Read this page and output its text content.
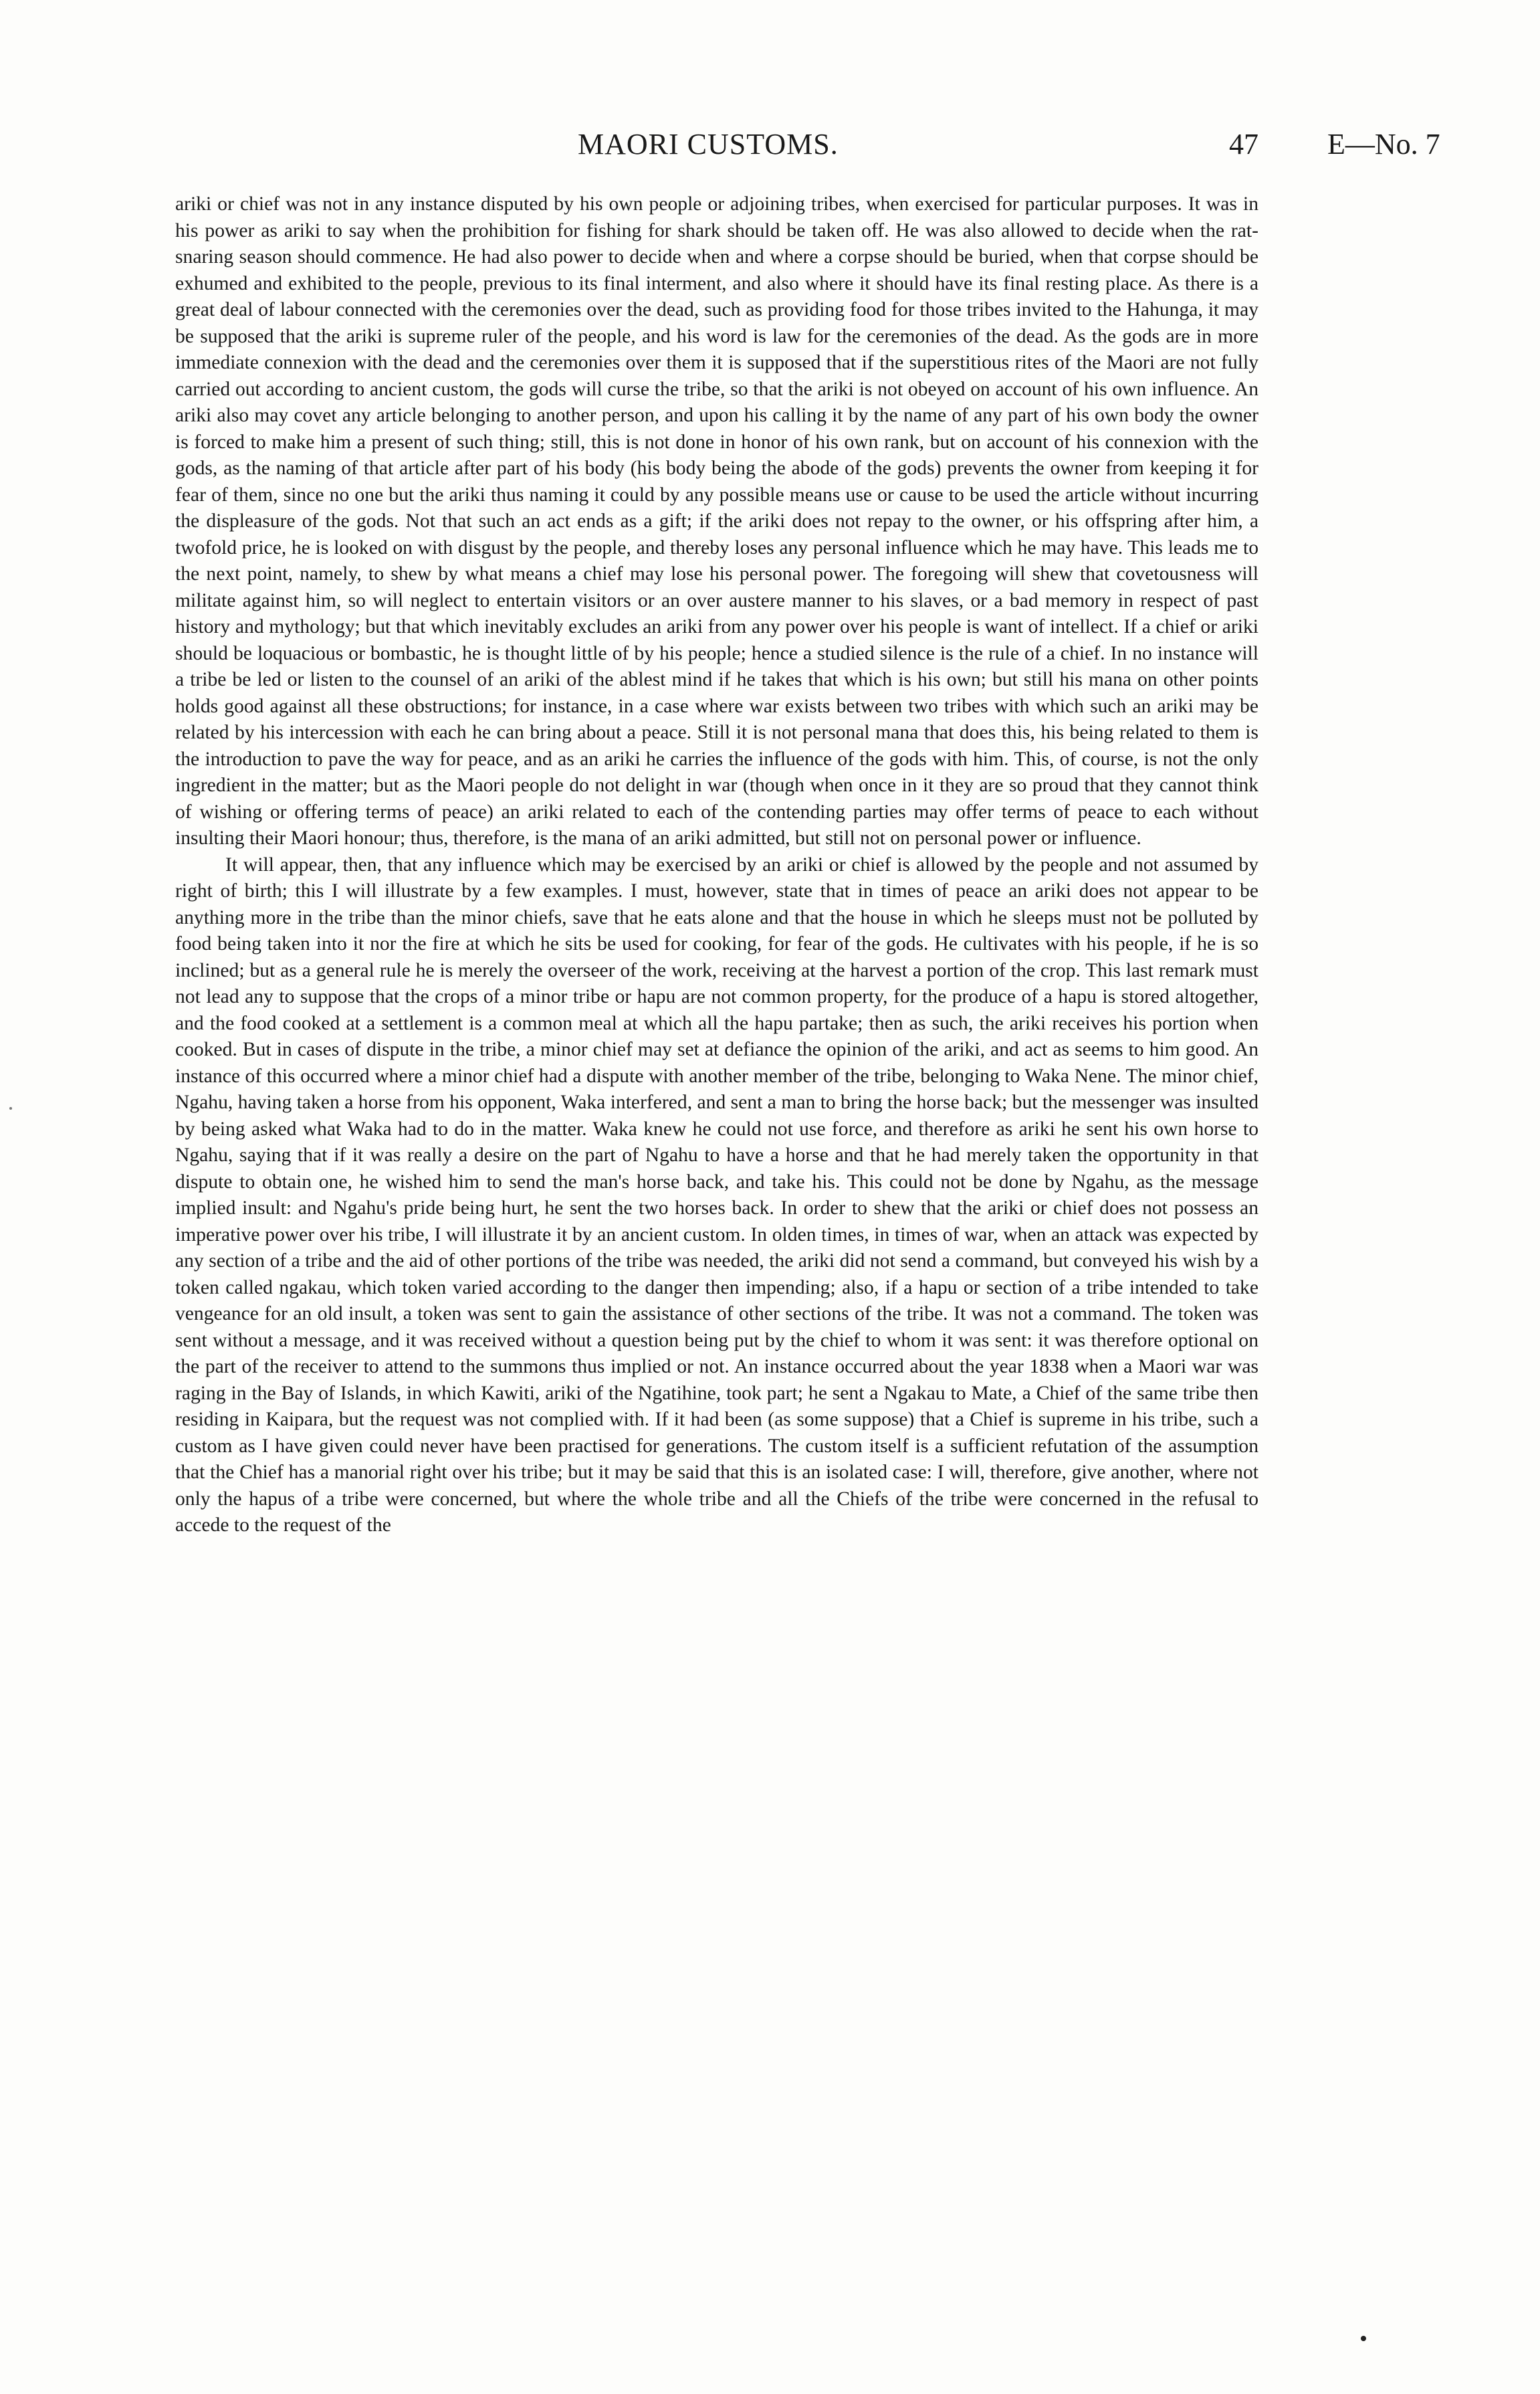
MAORI CUSTOMS.	47 E—No. 7

ariki or chief was not in any instance disputed by his own people or adjoining tribes, when exercised for particular purposes. It was in his power as ariki to say when the prohibition for fishing for shark should be taken off. He was also allowed to decide when the rat-snaring season should commence. He had also power to decide when and where a corpse should be buried, when that corpse should be exhumed and exhibited to the people, previous to its final interment, and also where it should have its final resting place. As there is a great deal of labour connected with the ceremonies over the dead, such as providing food for those tribes invited to the Hahunga, it may be supposed that the ariki is supreme ruler of the people, and his word is law for the ceremonies of the dead. As the gods are in more immediate connexion with the dead and the ceremonies over them it is supposed that if the superstitious rites of the Maori are not fully carried out according to ancient custom, the gods will curse the tribe, so that the ariki is not obeyed on account of his own influence. An ariki also may covet any article belonging to another person, and upon his calling it by the name of any part of his own body the owner is forced to make him a present of such thing; still, this is not done in honor of his own rank, but on account of his connexion with the gods, as the naming of that article after part of his body (his body being the abode of the gods) prevents the owner from keeping it for fear of them, since no one but the ariki thus naming it could by any possible means use or cause to be used the article without incurring the displeasure of the gods. Not that such an act ends as a gift; if the ariki does not repay to the owner, or his offspring after him, a twofold price, he is looked on with disgust by the people, and thereby loses any personal influence which he may have. This leads me to the next point, namely, to shew by what means a chief may lose his personal power. The foregoing will shew that covetousness will militate against him, so will neglect to entertain visitors or an over austere manner to his slaves, or a bad memory in respect of past history and mythology; but that which inevitably excludes an ariki from any power over his people is want of intellect. If a chief or ariki should be loquacious or bombastic, he is thought little of by his people; hence a studied silence is the rule of a chief. In no instance will a tribe be led or listen to the counsel of an ariki of the ablest mind if he takes that which is his own; but still his mana on other points holds good against all these obstructions; for instance, in a case where war exists between two tribes with which such an ariki may be related by his intercession with each he can bring about a peace. Still it is not personal mana that does this, his being related to them is the introduction to pave the way for peace, and as an ariki he carries the influence of the gods with him. This, of course, is not the only ingredient in the matter; but as the Maori people do not delight in war (though when once in it they are so proud that they cannot think of wishing or offering terms of peace) an ariki related to each of the contending parties may offer terms of peace to each without insulting their Maori honour; thus, therefore, is the mana of an ariki admitted, but still not on personal power or influence.

It will appear, then, that any influence which may be exercised by an ariki or chief is allowed by the people and not assumed by right of birth; this I will illustrate by a few examples. I must, however, state that in times of peace an ariki does not appear to be anything more in the tribe than the minor chiefs, save that he eats alone and that the house in which he sleeps must not be polluted by food being taken into it nor the fire at which he sits be used for cooking, for fear of the gods. He cultivates with his people, if he is so inclined; but as a general rule he is merely the overseer of the work, receiving at the harvest a portion of the crop. This last remark must not lead any to suppose that the crops of a minor tribe or hapu are not common property, for the produce of a hapu is stored altogether, and the food cooked at a settlement is a common meal at which all the hapu partake; then as such, the ariki receives his portion when cooked. But in cases of dispute in the tribe, a minor chief may set at defiance the opinion of the ariki, and act as seems to him good. An instance of this occurred where a minor chief had a dispute with another member of the tribe, belonging to Waka Nene. The minor chief, Ngahu, having taken a horse from his opponent, Waka interfered, and sent a man to bring the horse back; but the messenger was insulted by being asked what Waka had to do in the matter. Waka knew he could not use force, and therefore as ariki he sent his own horse to Ngahu, saying that if it was really a desire on the part of Ngahu to have a horse and that he had merely taken the opportunity in that dispute to obtain one, he wished him to send the man's horse back, and take his. This could not be done by Ngahu, as the message implied insult: and Ngahu's pride being hurt, he sent the two horses back. In order to shew that the ariki or chief does not possess an imperative power over his tribe, I will illustrate it by an ancient custom. In olden times, in times of war, when an attack was expected by any section of a tribe and the aid of other portions of the tribe was needed, the ariki did not send a command, but conveyed his wish by a token called ngakau, which token varied according to the danger then impending; also, if a hapu or section of a tribe intended to take vengeance for an old insult, a token was sent to gain the assistance of other sections of the tribe. It was not a command. The token was sent without a message, and it was received without a question being put by the chief to whom it was sent: it was therefore optional on the part of the receiver to attend to the summons thus implied or not. An instance occurred about the year 1838 when a Maori war was raging in the Bay of Islands, in which Kawiti, ariki of the Ngatihine, took part; he sent a Ngakau to Mate, a Chief of the same tribe then residing in Kaipara, but the request was not complied with. If it had been (as some suppose) that a Chief is supreme in his tribe, such a custom as I have given could never have been practised for generations. The custom itself is a sufficient refutation of the assumption that the Chief has a manorial right over his tribe; but it may be said that this is an isolated case: I will, therefore, give another, where not only the hapus of a tribe were concerned, but where the whole tribe and all the Chiefs of the tribe were concerned in the refusal to accede to the request of the
